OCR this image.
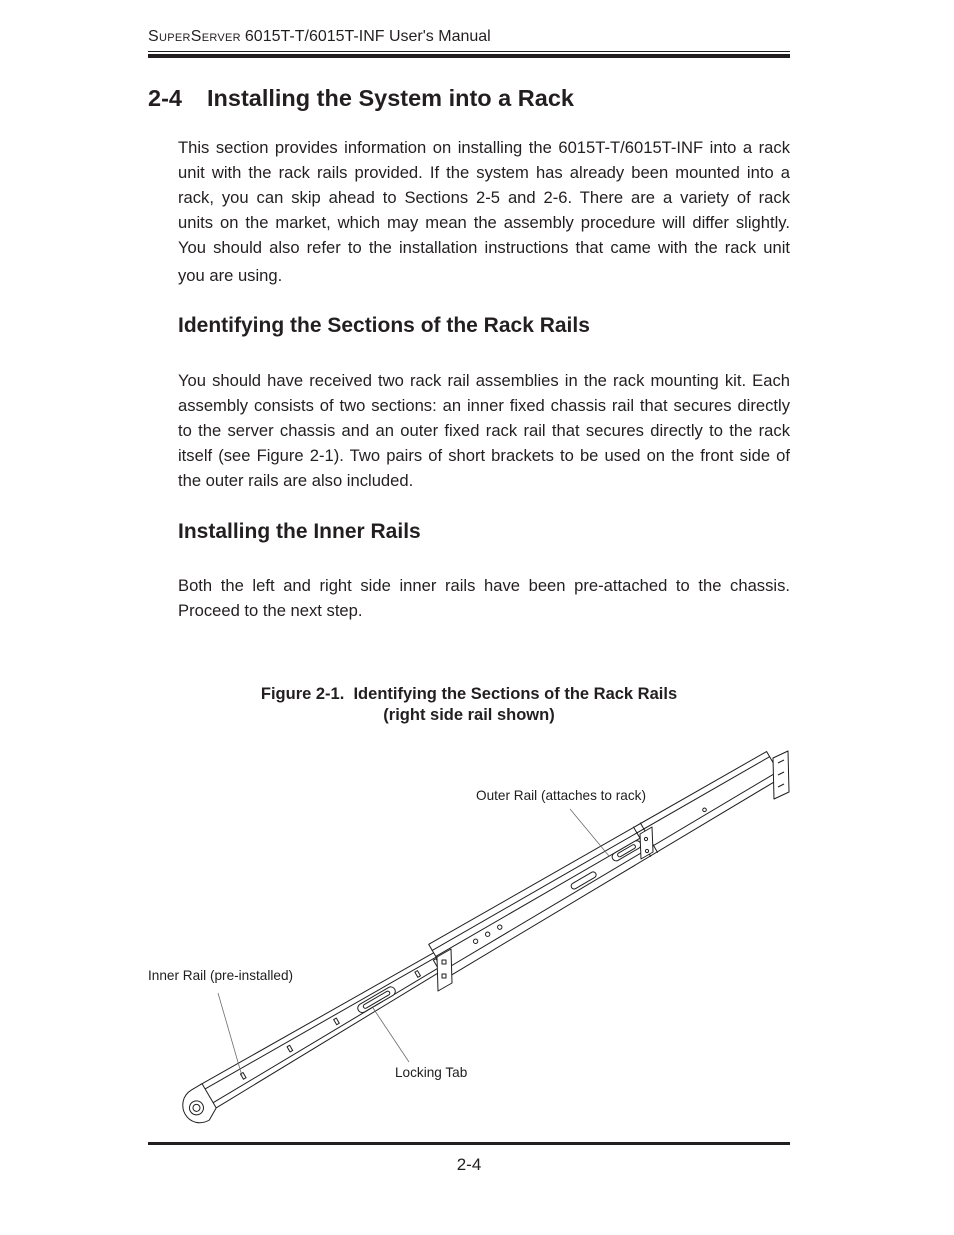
SuperServer 6015T-T/6015T-INF User's Manual
2-4 Installing the System into a Rack
This section provides information on installing the 6015T-T/6015T-INF into a rack
unit with the rack rails provided. If the system has already been mounted into a
rack, you can skip ahead to Sections 2-5 and 2-6. There are a variety of rack
units on the market, which may mean the assembly procedure will differ slightly.
You should also refer to the installation instructions that came with the rack unit
you are using.
Identifying the Sections of the Rack Rails
You should have received two rack rail assemblies in the rack mounting kit. Each
assembly consists of two sections: an inner fixed chassis rail that secures directly
to the server chassis and an outer fixed rack rail that secures directly to the rack
itself (see Figure 2-1). Two pairs of short brackets to be used on the front side of
the outer rails are also included.
Installing the Inner Rails
Both the left and right side inner rails have been pre-attached to the chassis.
Proceed to the next step.
Figure 2-1.  Identifying the Sections of the Rack Rails
(right side rail shown)
Outer Rail (attaches to rack)
Inner Rail (pre-installed)
Locking Tab
2-4
